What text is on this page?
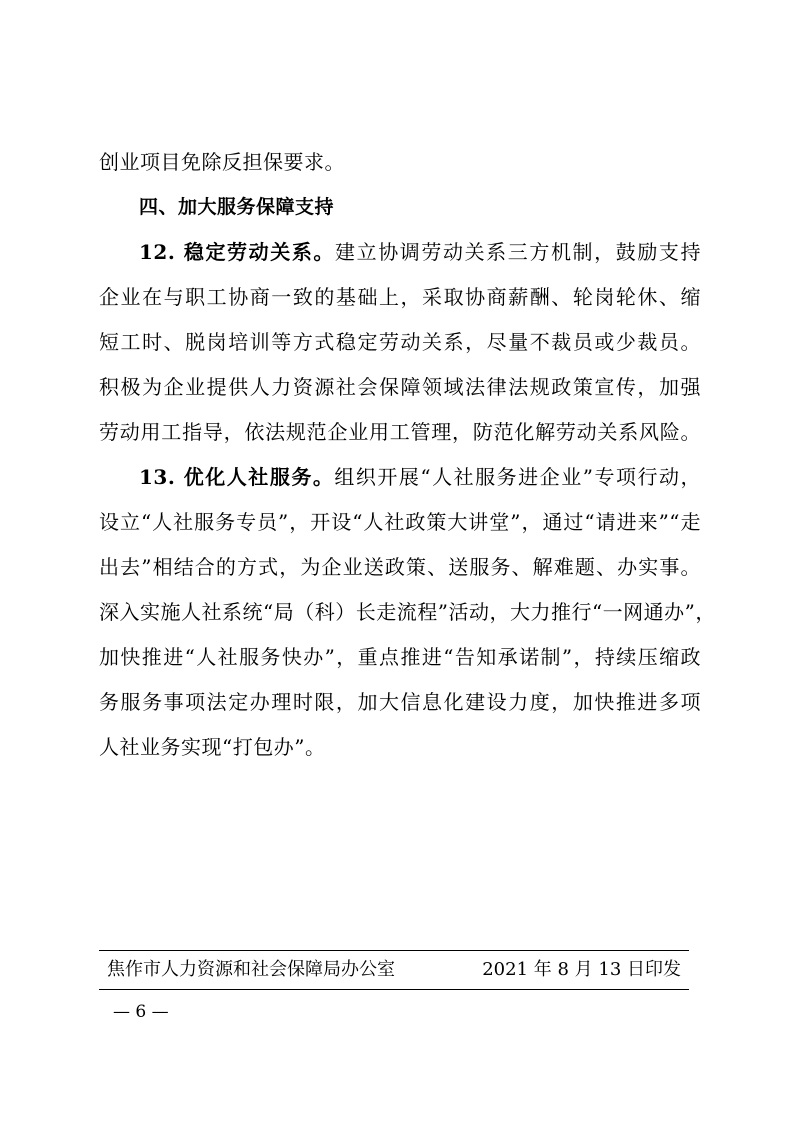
创业项目免除反担保要求。
四、加大服务保障支持
12. 稳定劳动关系。建立协调劳动关系三方机制，鼓励支持
企业在与职工协商一致的基础上，采取协商薪酬、轮岗轮休、缩
短工时、脱岗培训等方式稳定劳动关系，尽量不裁员或少裁员。
积极为企业提供人力资源社会保障领域法律法规政策宣传，加强
劳动用工指导，依法规范企业用工管理，防范化解劳动关系风险。
13. 优化人社服务。组织开展“人社服务进企业”专项行动，
设立“人社服务专员”，开设“人社政策大讲堂”，通过“请进来”“走
出去”相结合的方式，为企业送政策、送服务、解难题、办实事。
深入实施人社系统“局（科）长走流程”活动，大力推行“一网通办”，
加快推进“人社服务快办”，重点推进“告知承诺制”，持续压缩政
务服务事项法定办理时限，加大信息化建设力度，加快推进多项
人社业务实现“打包办”。
焦作市人力资源和社会保障局办公室	2021 年 8 月 13 日印发
— 6 —
